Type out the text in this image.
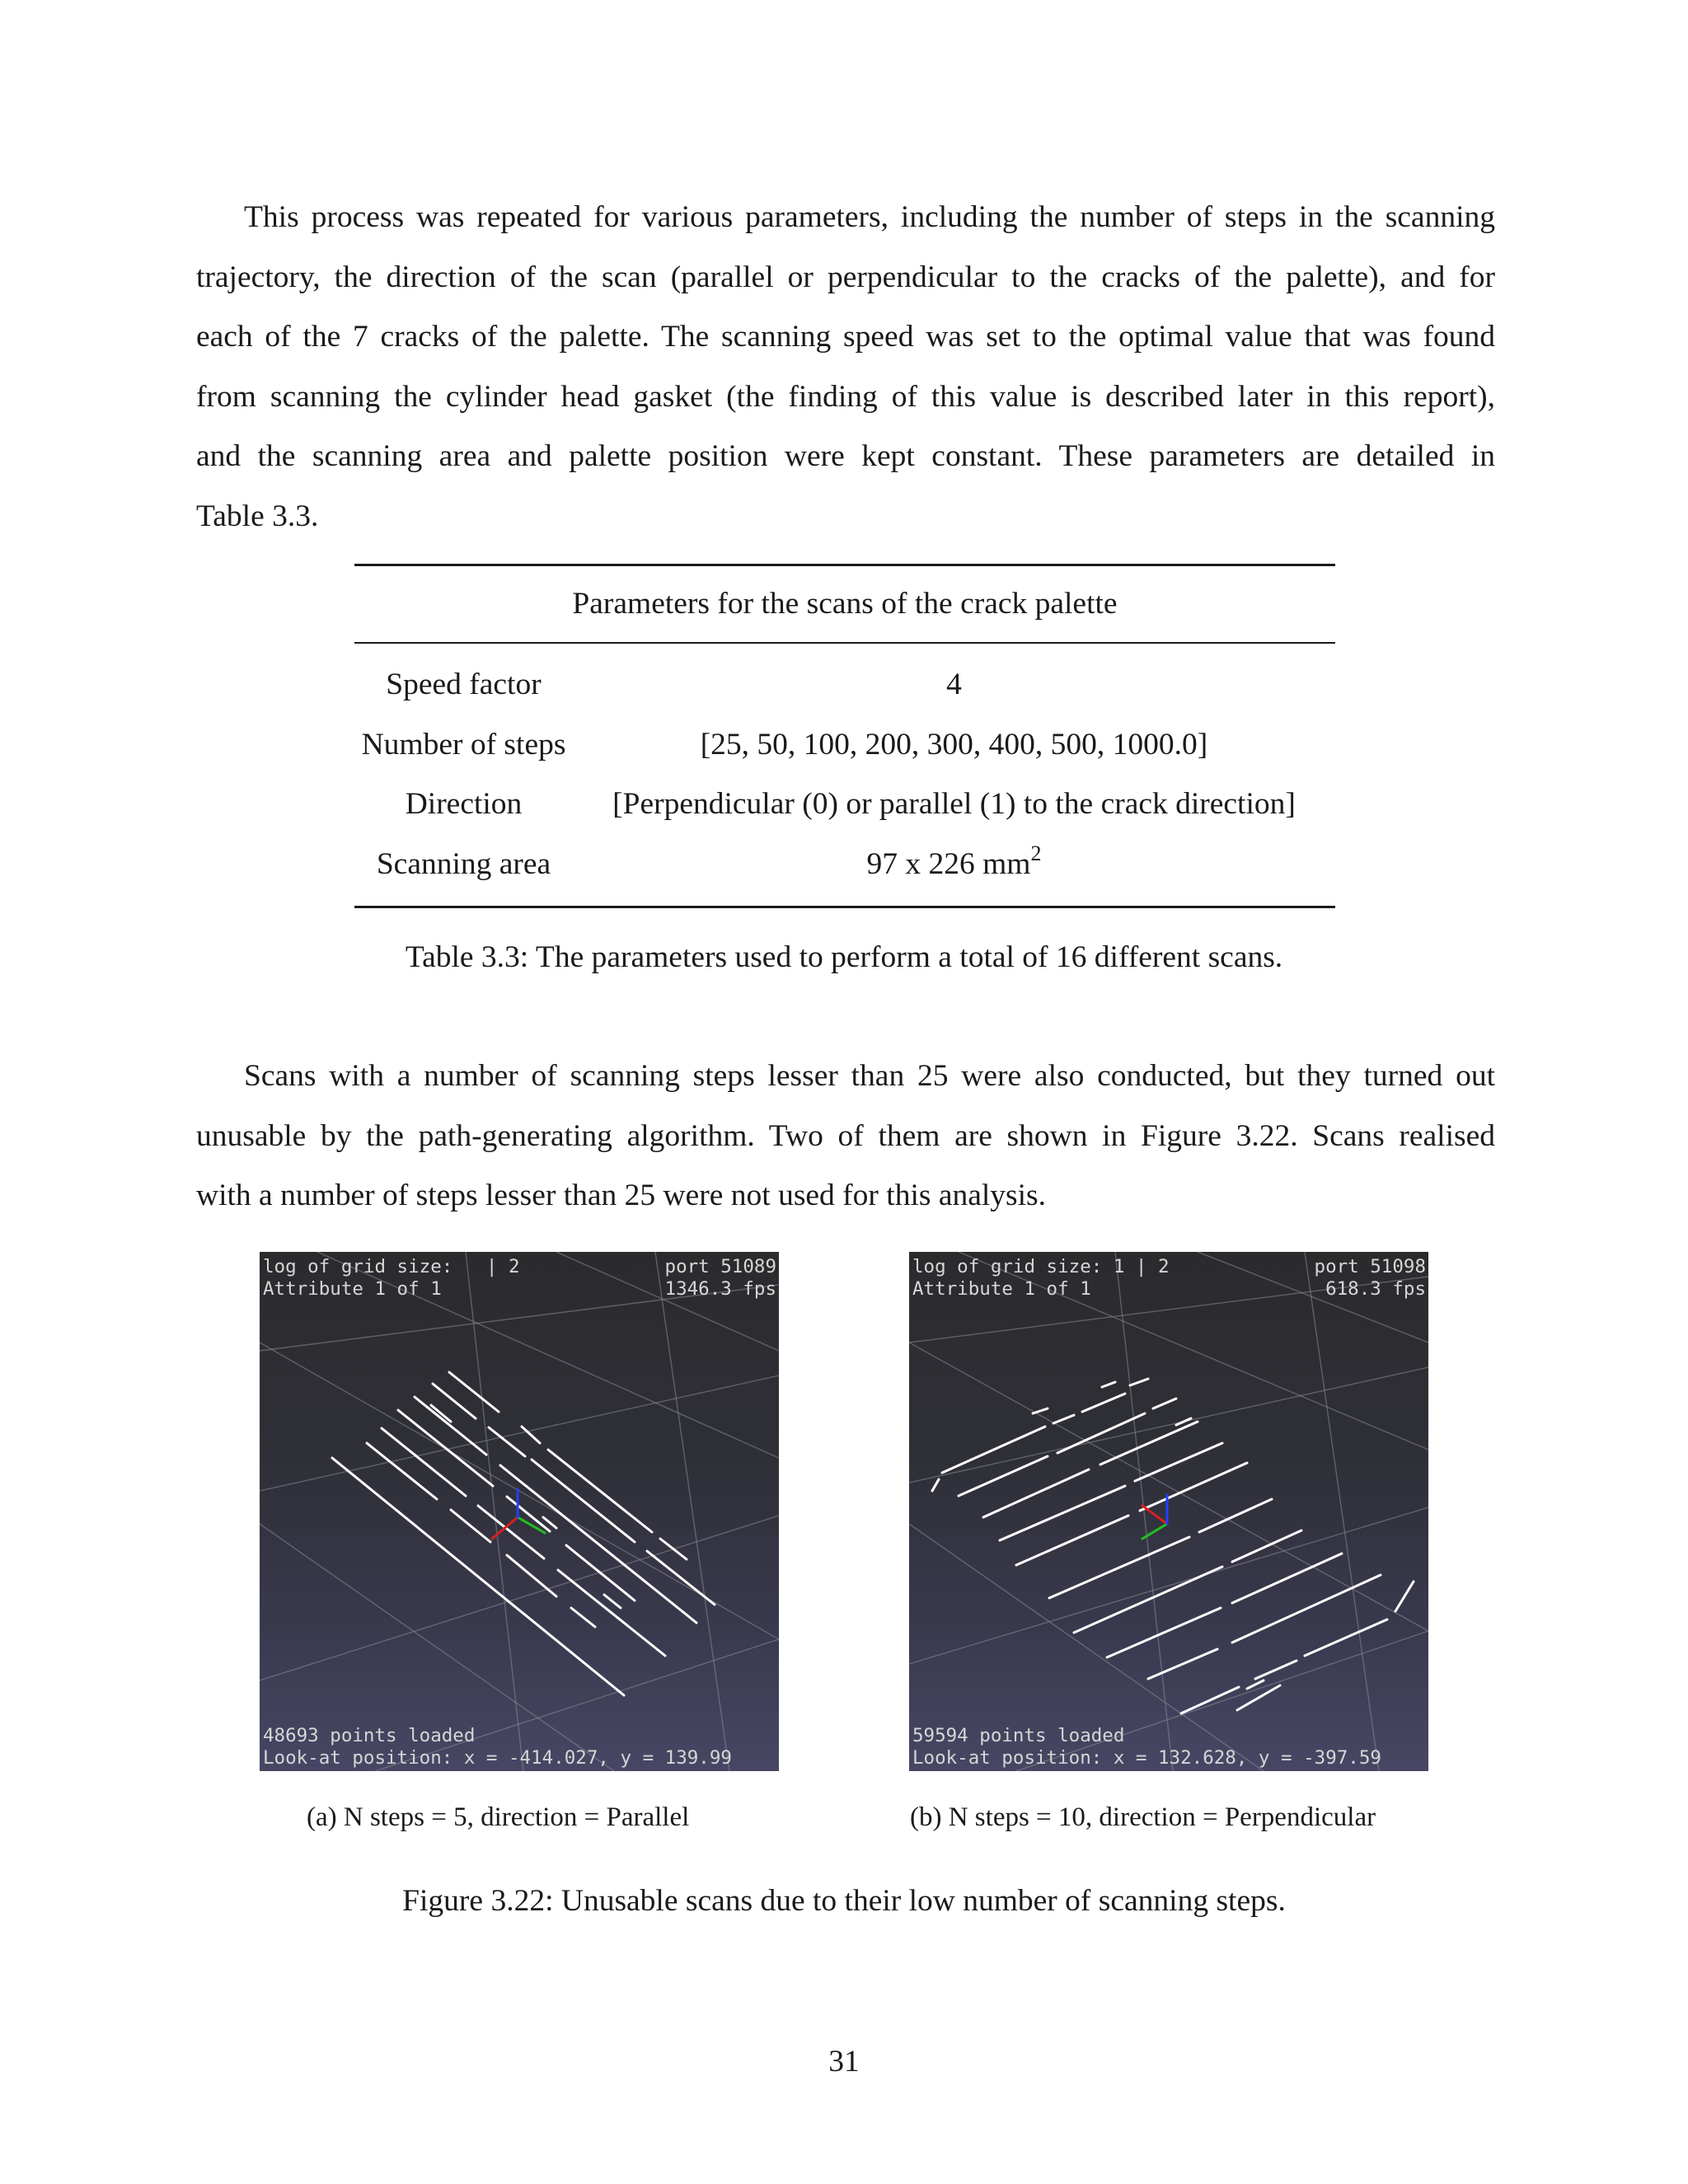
This process was repeated for various parameters, including the number of steps in the scanning
trajectory, the direction of the scan (parallel or perpendicular to the cracks of the palette), and for
each of the 7 cracks of the palette. The scanning speed was set to the optimal value that was found
from scanning the cylinder head gasket (the finding of this value is described later in this report),
and the scanning area and palette position were kept constant. These parameters are detailed in
Table 3.3.

Parameters for the scans of the crack palette
Speed factor	4
Number of steps	[25, 50, 100, 200, 300, 400, 500, 1000.0]
Direction	[Perpendicular (0) or parallel (1) to the crack direction]
Scanning area	97 x 226 $mm^2$
Table 3.3: The parameters used to perform a total of 16 different scans.

Scans with a number of scanning steps lesser than 25 were also conducted, but they turned out
unusable by the path-generating algorithm. Two of them are shown in Figure 3.22. Scans realised
with a number of steps lesser than 25 were not used for this analysis.

log of grid size:   | 2
Attribute 1 of 1
port 51089
1346.3 fps
48693 points loaded
Look-at position: x = -414.027, y = 139.99
log of grid size: 1 | 2
Attribute 1 of 1
port 51098
618.3 fps
59594 points loaded
Look-at position: x = 132.628, y = -397.59
(a) N steps = 5, direction = Parallel	(b) N steps = 10, direction = Perpendicular
Figure 3.22: Unusable scans due to their low number of scanning steps.
31
